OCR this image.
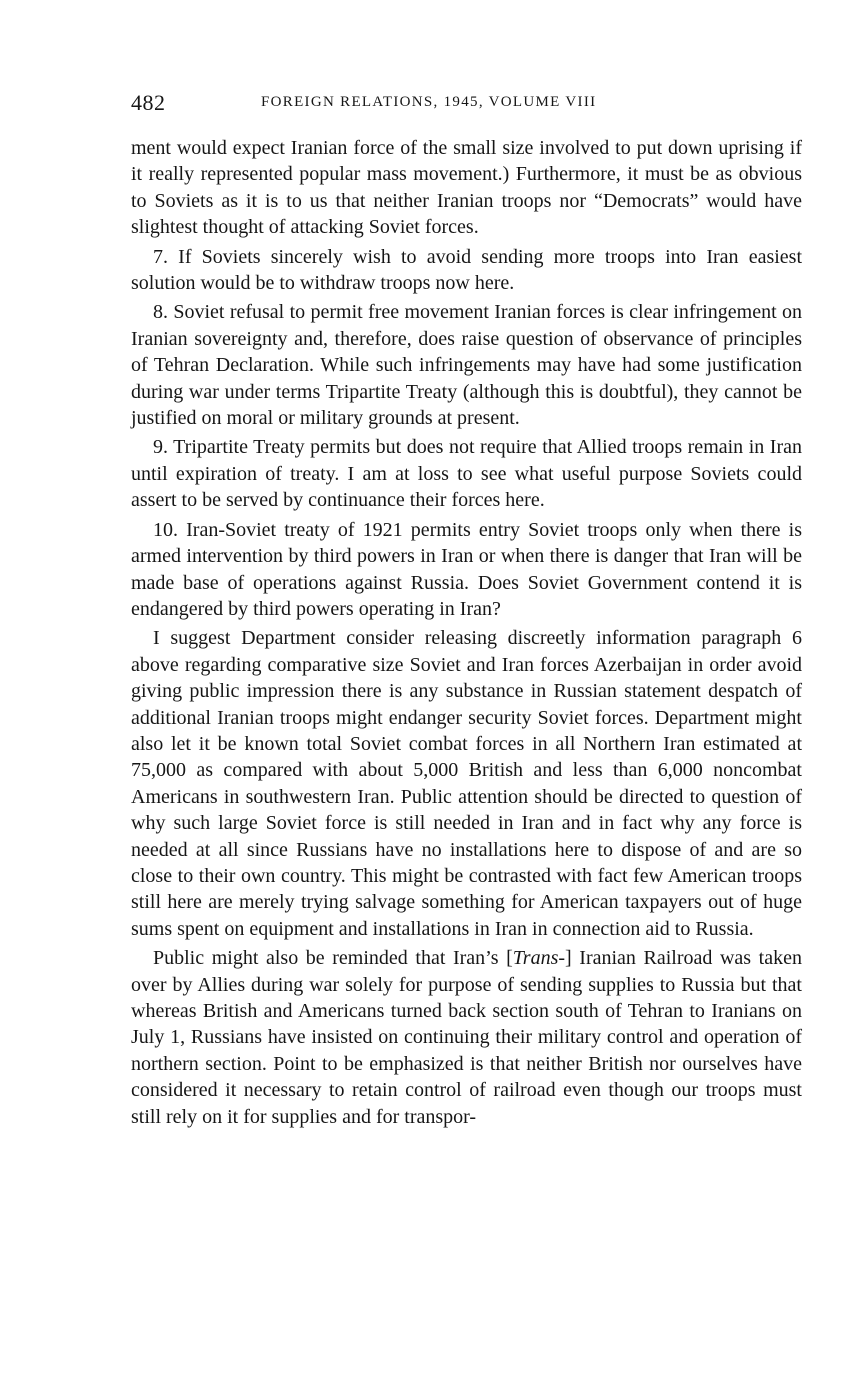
482	FOREIGN RELATIONS, 1945, VOLUME VIII

ment would expect Iranian force of the small size involved to put down uprising if it really represented popular mass movement.) Furthermore, it must be as obvious to Soviets as it is to us that neither Iranian troops nor “Democrats” would have slightest thought of attacking Soviet forces.

7. If Soviets sincerely wish to avoid sending more troops into Iran easiest solution would be to withdraw troops now here.

8. Soviet refusal to permit free movement Iranian forces is clear infringement on Iranian sovereignty and, therefore, does raise question of observance of principles of Tehran Declaration. While such infringements may have had some justification during war under terms Tripartite Treaty (although this is doubtful), they cannot be justified on moral or military grounds at present.

9. Tripartite Treaty permits but does not require that Allied troops remain in Iran until expiration of treaty. I am at loss to see what useful purpose Soviets could assert to be served by continuance their forces here.

10. Iran-Soviet treaty of 1921 permits entry Soviet troops only when there is armed intervention by third powers in Iran or when there is danger that Iran will be made base of operations against Russia. Does Soviet Government contend it is endangered by third powers operating in Iran?

I suggest Department consider releasing discreetly information paragraph 6 above regarding comparative size Soviet and Iran forces Azerbaijan in order avoid giving public impression there is any substance in Russian statement despatch of additional Iranian troops might endanger security Soviet forces. Department might also let it be known total Soviet combat forces in all Northern Iran estimated at 75,000 as compared with about 5,000 British and less than 6,000 noncombat Americans in southwestern Iran. Public attention should be directed to question of why such large Soviet force is still needed in Iran and in fact why any force is needed at all since Russians have no installations here to dispose of and are so close to their own country. This might be contrasted with fact few American troops still here are merely trying salvage something for American taxpayers out of huge sums spent on equipment and installations in Iran in connection aid to Russia.

Public might also be reminded that Iran’s [Trans-] Iranian Railroad was taken over by Allies during war solely for purpose of sending supplies to Russia but that whereas British and Americans turned back section south of Tehran to Iranians on July 1, Russians have insisted on continuing their military control and operation of northern section. Point to be emphasized is that neither British nor ourselves have considered it necessary to retain control of railroad even though our troops must still rely on it for supplies and for transpor-
